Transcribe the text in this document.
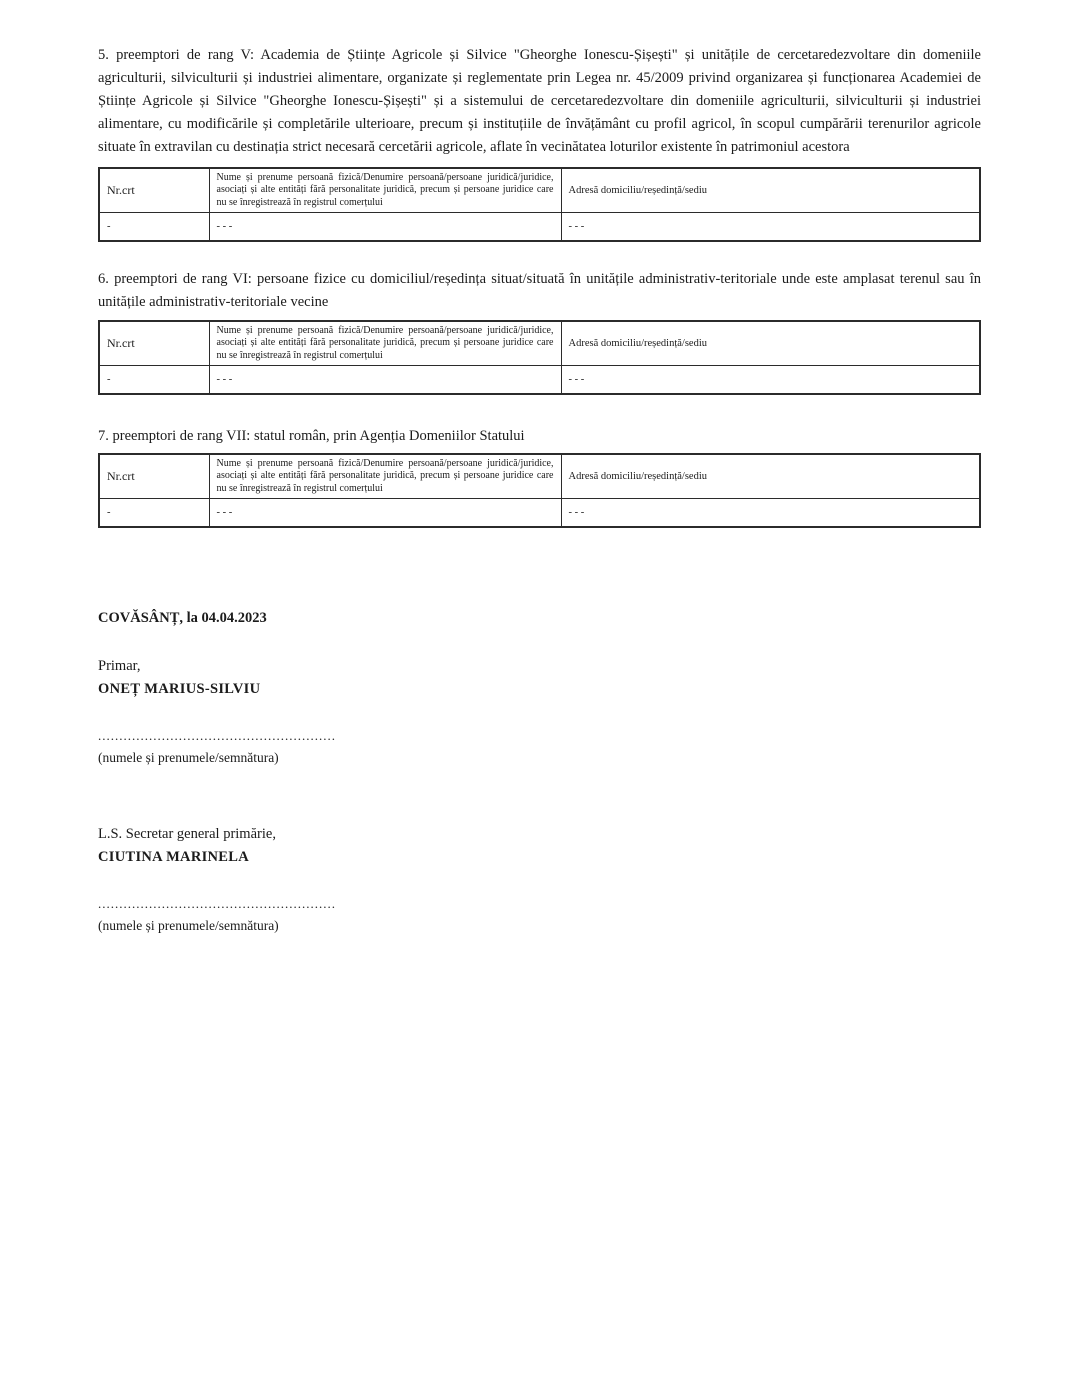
5. preemptori de rang V: Academia de Științe Agricole și Silvice "Gheorghe Ionescu-Șișești" și unitățile de cercetaredezvoltare din domeniile agriculturii, silviculturii și industriei alimentare, organizate și reglementate prin Legea nr. 45/2009 privind organizarea și funcționarea Academiei de Științe Agricole și Silvice "Gheorghe Ionescu-Șișești" și a sistemului de cercetaredezvoltare din domeniile agriculturii, silviculturii și industriei alimentare, cu modificările și completările ulterioare, precum și instituțiile de învățământ cu profil agricol, în scopul cumpărării terenurilor agricole situate în extravilan cu destinația strict necesară cercetării agricole, aflate în vecinătatea loturilor existente în patrimoniul acestora

Nr.crt	Nume și prenume persoană fizică/Denumire persoană/persoane juridică/juridice, asociați și alte entități fără personalitate juridică, precum și persoane juridice care nu se înregistrează în registrul comerțului	Adresă domiciliu/reședință/sediu
-	- - -	- - -

6. preemptori de rang VI: persoane fizice cu domiciliul/reședința situat/situată în unitățile administrativ-teritoriale unde este amplasat terenul sau în unitățile administrativ-teritoriale vecine

Nr.crt	Nume și prenume persoană fizică/Denumire persoană/persoane juridică/juridice, asociați și alte entități fără personalitate juridică, precum și persoane juridice care nu se înregistrează în registrul comerțului	Adresă domiciliu/reședință/sediu
-	- - -	- - -

7. preemptori de rang VII: statul român, prin Agenția Domeniilor Statului

Nr.crt	Nume și prenume persoană fizică/Denumire persoană/persoane juridică/juridice, asociați și alte entități fără personalitate juridică, precum și persoane juridice care nu se înregistrează în registrul comerțului	Adresă domiciliu/reședință/sediu
-	- - -	- - -

COVĂSÂNȚ, la 04.04.2023

Primar,

ONEȚ MARIUS-SILVIU

........................................................

(numele și prenumele/semnătura)

L.S. Secretar general primărie,

CIUTINA MARINELA

........................................................

(numele și prenumele/semnătura)
